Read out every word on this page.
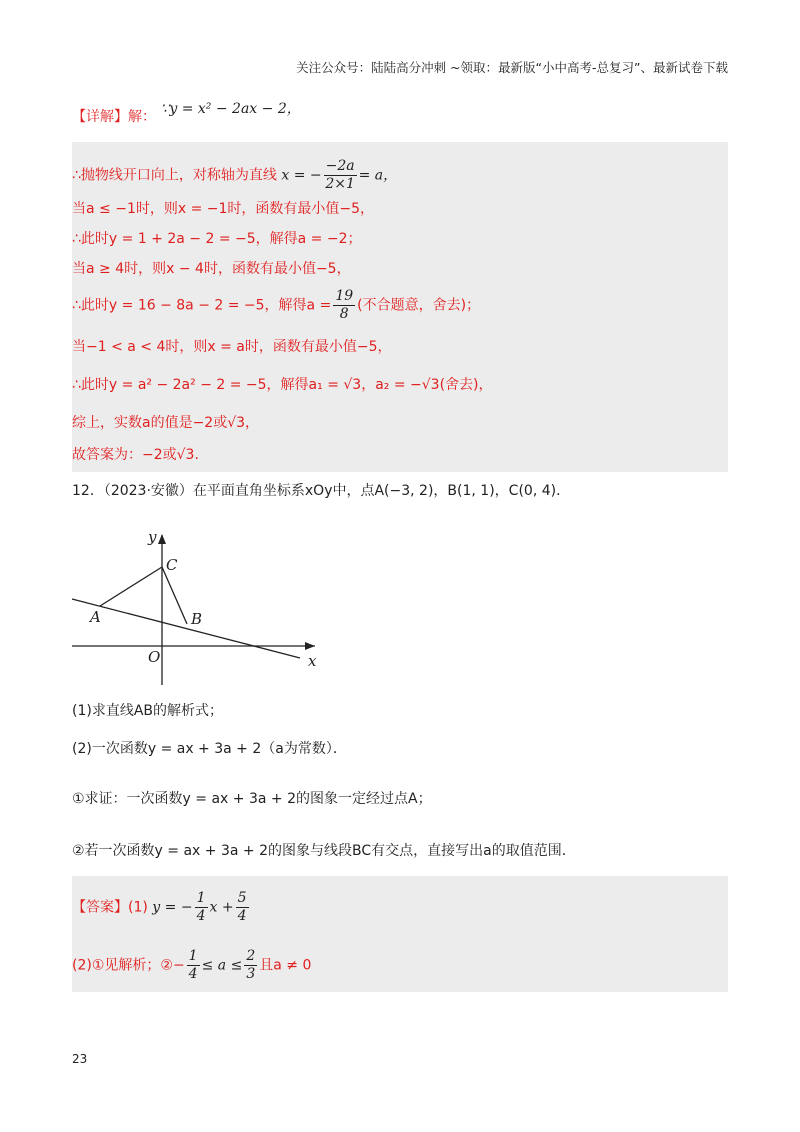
关注公众号：陆陆高分冲刺 ~领取：最新版“小中高考-总复习”、最新试卷下载
【详解】解： ∵y = x² − 2ax − 2，
∴抛物线开口向上，对称轴为直线 x = − $\frac{-2a}{2\times 1} = a$，
当a ≤ −1时，则x = −1时，函数有最小值−5，
∴此时y = 1 + 2a − 2 = −5，解得a = −2；
当a ≥ 4时，则x − 4时，函数有最小值−5，
∴此时y = 16 − 8a − 2 = −5，解得$a = \frac{19}{8}$ (不合题意，舍去)；
当−1 < a < 4时，则x = a时，函数有最小值−5，
∴此时y = a² − 2a² − 2 = −5，解得a₁ = √3，a₂ = −√3(舍去)，
综上，实数a的值是−2或√3，
故答案为：−2或√3.
12．（2023·安徽）在平面直角坐标系xOy中，点A(−3, 2)，B(1, 1)，C(0, 4)．
y
x
O
A	B
C
(1)求直线AB的解析式；
(2)一次函数y = ax + 3a + 2（a为常数）．
①求证：一次函数y = ax + 3a + 2的图象一定经过点A；
②若一次函数y = ax + 3a + 2的图象与线段BC有交点，直接写出a的取值范围．
【答案】(1) y = − $\frac{1}{4}$ $x + \frac{5}{4}$
(2)①见解析；②− $\frac{1}{4} \le a \le \frac{2}{3}$ 且a ≠ 0
23
